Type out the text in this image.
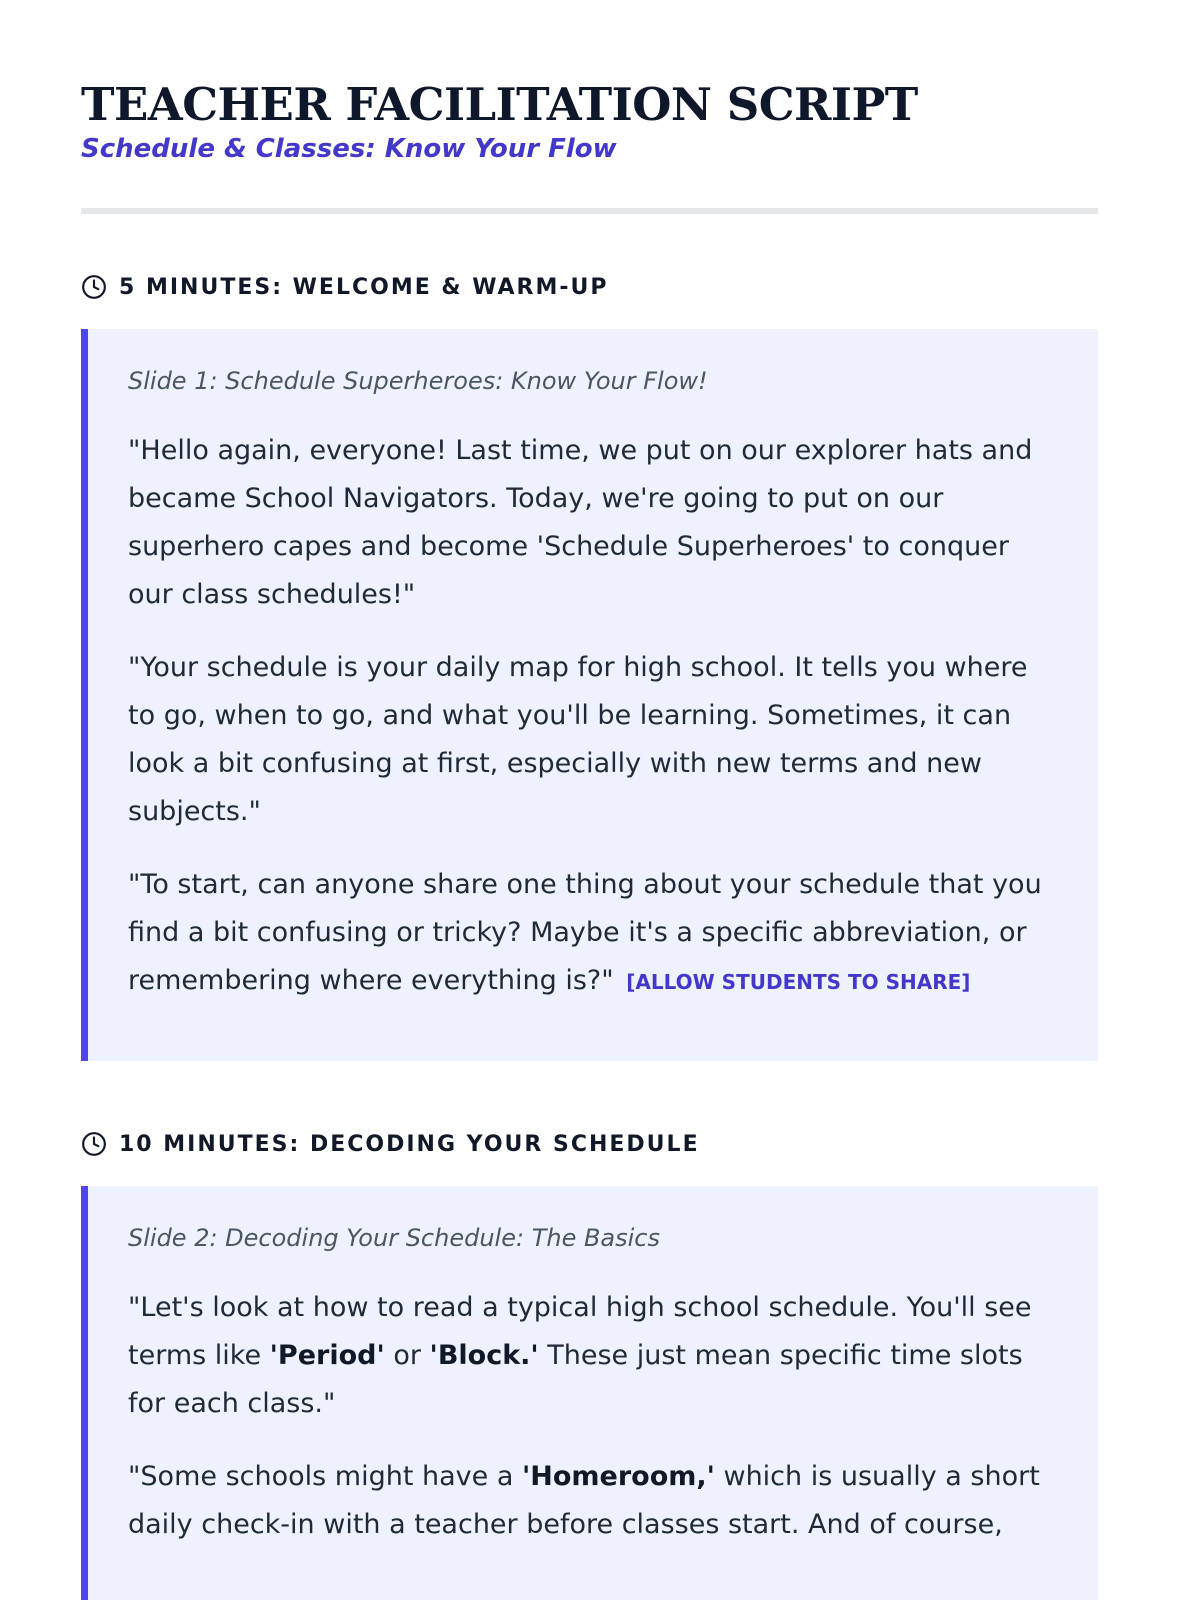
TEACHER FACILITATION SCRIPT
Schedule & Classes: Know Your Flow
5 MINUTES: WELCOME & WARM-UP

Slide 1: Schedule Superheroes: Know Your Flow!

"Hello again, everyone! Last time, we put on our explorer hats and became School Navigators. Today, we're going to put on our superhero capes and become 'Schedule Superheroes' to conquer our class schedules!"

"Your schedule is your daily map for high school. It tells you where to go, when to go, and what you'll be learning. Sometimes, it can look a bit confusing at first, especially with new terms and new subjects."

"To start, can anyone share one thing about your schedule that you find a bit confusing or tricky? Maybe it's a specific abbreviation, or remembering where everything is?" [ALLOW STUDENTS TO SHARE]

10 MINUTES: DECODING YOUR SCHEDULE

Slide 2: Decoding Your Schedule: The Basics

"Let's look at how to read a typical high school schedule. You'll see terms like 'Period' or 'Block.' These just mean specific time slots for each class."

"Some schools might have a 'Homeroom,' which is usually a short daily check-in with a teacher before classes start. And of course,
